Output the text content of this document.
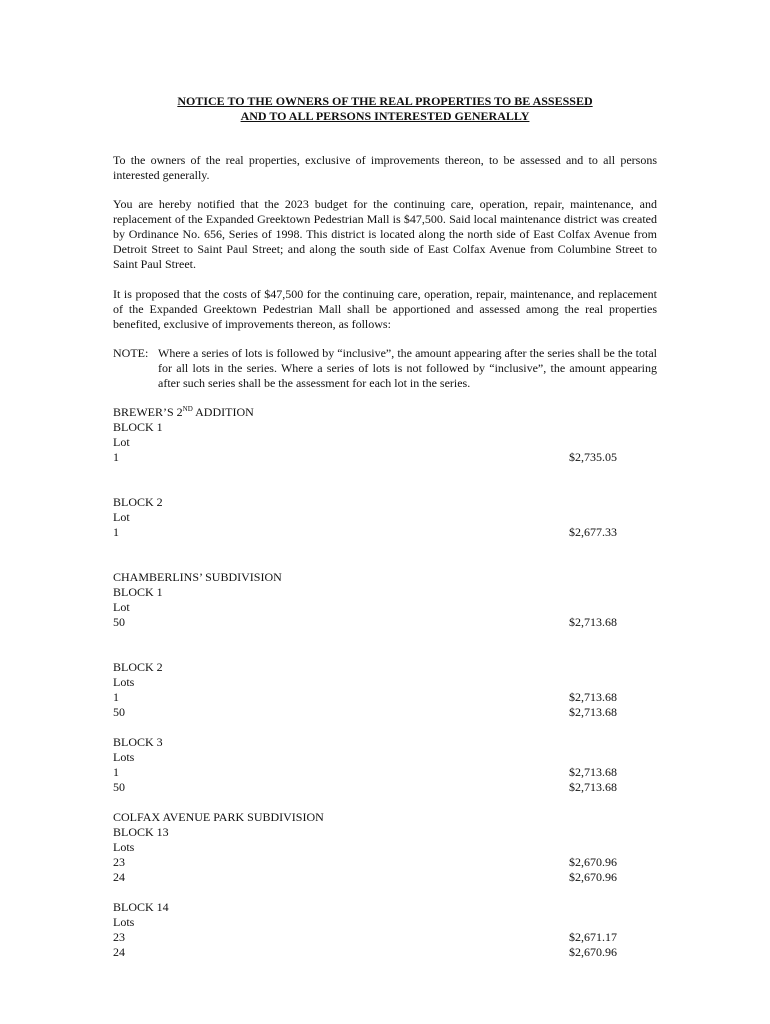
NOTICE TO THE OWNERS OF THE REAL PROPERTIES TO BE ASSESSED
AND TO ALL PERSONS INTERESTED GENERALLY
To the owners of the real properties, exclusive of improvements thereon, to be assessed and to all persons interested generally.
You are hereby notified that the 2023 budget for the continuing care, operation, repair, maintenance, and replacement of the Expanded Greektown Pedestrian Mall is $47,500. Said local maintenance district was created by Ordinance No. 656, Series of 1998. This district is located along the north side of East Colfax Avenue from Detroit Street to Saint Paul Street; and along the south side of East Colfax Avenue from Columbine Street to Saint Paul Street.
It is proposed that the costs of $47,500 for the continuing care, operation, repair, maintenance, and replacement of the Expanded Greektown Pedestrian Mall shall be apportioned and assessed among the real properties benefited, exclusive of improvements thereon, as follows:
NOTE: Where a series of lots is followed by “inclusive”, the amount appearing after the series shall be the total for all lots in the series. Where a series of lots is not followed by “inclusive”, the amount appearing after such series shall be the assessment for each lot in the series.
BREWER’S 2ND ADDITION
BLOCK 1
Lot
1	$2,735.05
BLOCK 2
Lot
1	$2,677.33
CHAMBERLINS’ SUBDIVISION
BLOCK 1
Lot
50	$2,713.68
BLOCK 2
Lots
1	$2,713.68
50	$2,713.68
BLOCK 3
Lots
1	$2,713.68
50	$2,713.68
COLFAX AVENUE PARK SUBDIVISION
BLOCK 13
Lots
23	$2,670.96
24	$2,670.96
BLOCK 14
Lots
23	$2,671.17
24	$2,670.96
